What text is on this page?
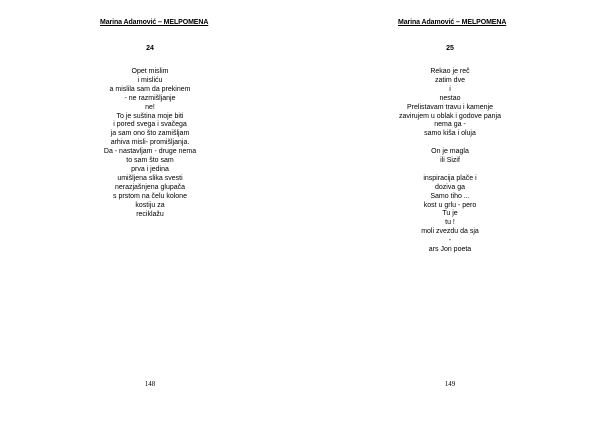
Marina Adamović – MELPOMENA
24
Opet mislim
i misliću
a mislila sam da prekinem
- ne razmišljanje
ne!
To je suština moje biti
i pored svega i svačega
ja sam ono što zamišljam
arhiva misli- promišljanja.
Da - nastavljam - druge nema
to sam što sam
prva i jedina
umišljena slika svesti
nerazjašnjena glupača
s prstom na čelu kolone
kostiju za
reciklažu
148
Marina Adamović – MELPOMENA
25
Rekao je reč
zatim dve
i
nestao
Prelistavam travu i kamenje
zavirujem u oblak i godove panja
nema ga -
samo kiša i oluja
On je magla
ili Sizif
inspiracija plače i
doziva ga
Samo tiho ...
kost u grlu - pero
Tu je
tu !
moli zvezdu da sja
-
ars Jon poeta
149
